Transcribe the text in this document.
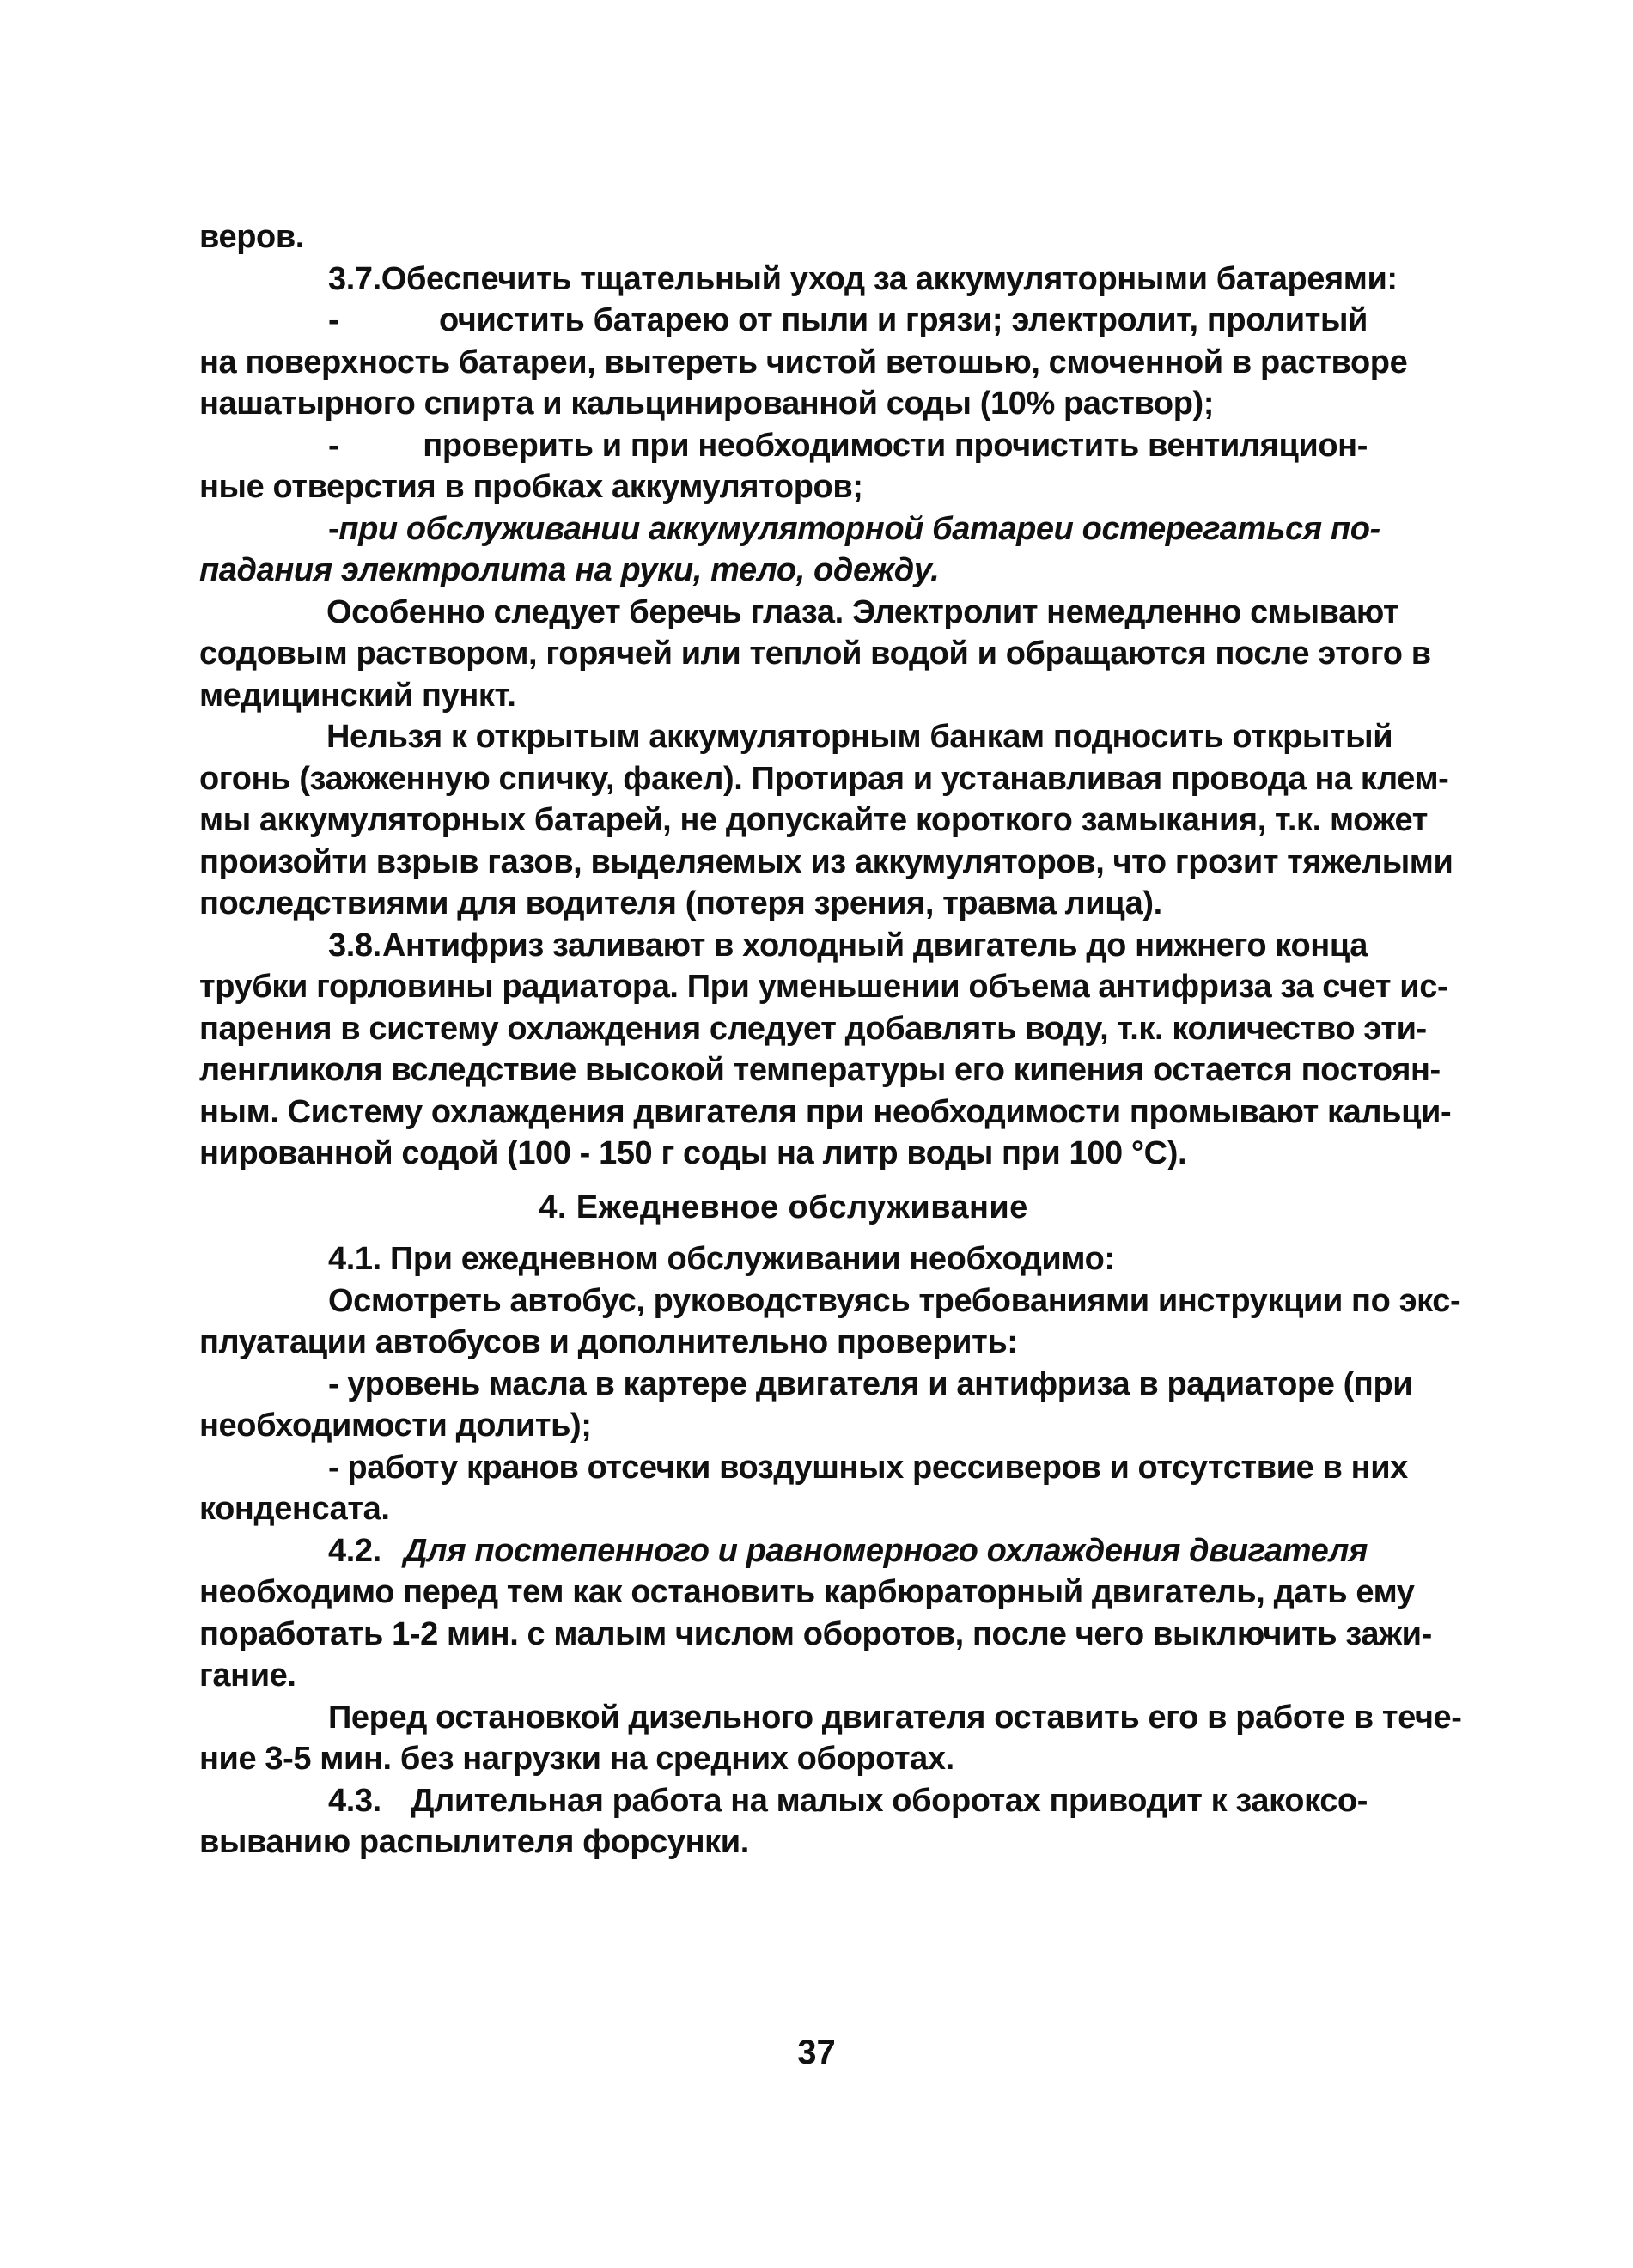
веров.
3.7. Обеспечить тщательный уход за аккумуляторными батареями:
-	очистить батарею от пыли и грязи; электролит, пролитый
на поверхность батареи, вытереть чистой ветошью, смоченной в растворе
нашатырного спирта и кальцинированной соды (10% раствор);
-	проверить и при необходимости прочистить вентиляцион-
ные отверстия в пробках аккумуляторов;
- при обслуживании аккумуляторной батареи остерегаться по-
падания электролита на руки, тело, одежду.
Особенно следует беречь глаза. Электролит немедленно смывают
содовым раствором, горячей или теплой водой и обращаются после этого в
медицинский пункт.
Нельзя к открытым аккумуляторным банкам подносить открытый
огонь (зажженную спичку, факел). Протирая и устанавливая провода на клем-
мы аккумуляторных батарей, не допускайте короткого замыкания, т.к. может
произойти взрыв газов, выделяемых из аккумуляторов, что грозит тяжелыми
последствиями для водителя (потеря зрения, травма лица).
3.8. Антифриз заливают в холодный двигатель до нижнего конца
трубки горловины радиатора. При уменьшении объема антифриза за счет ис-
парения в систему охлаждения следует добавлять воду, т.к. количество эти-
ленгликоля вследствие высокой температуры его кипения остается постоян-
ным. Систему охлаждения двигателя при необходимости промывают кальци-
нированной содой (100 - 150 г соды на литр воды при 100 °С).
4. Ежедневное обслуживание
4.1. При ежедневном обслуживании необходимо:
Осмотреть автобус, руководствуясь требованиями инструкции по экс-
плуатации автобусов и дополнительно проверить:
- уровень масла в картере двигателя и антифриза в радиаторе (при
необходимости долить);
- работу кранов отсечки воздушных рессиверов и отсутствие в них
конденсата.
4.2. Для постепенного и равномерного охлаждения двигателя
необходимо перед тем как остановить карбюраторный двигатель, дать ему
поработать 1-2 мин. с малым числом оборотов, после чего выключить зажи-
гание.
Перед остановкой дизельного двигателя оставить его в работе в тече-
ние 3-5 мин. без нагрузки на средних оборотах.
4.3. Длительная работа на малых оборотах приводит к закоксо-
выванию распылителя форсунки.
37
